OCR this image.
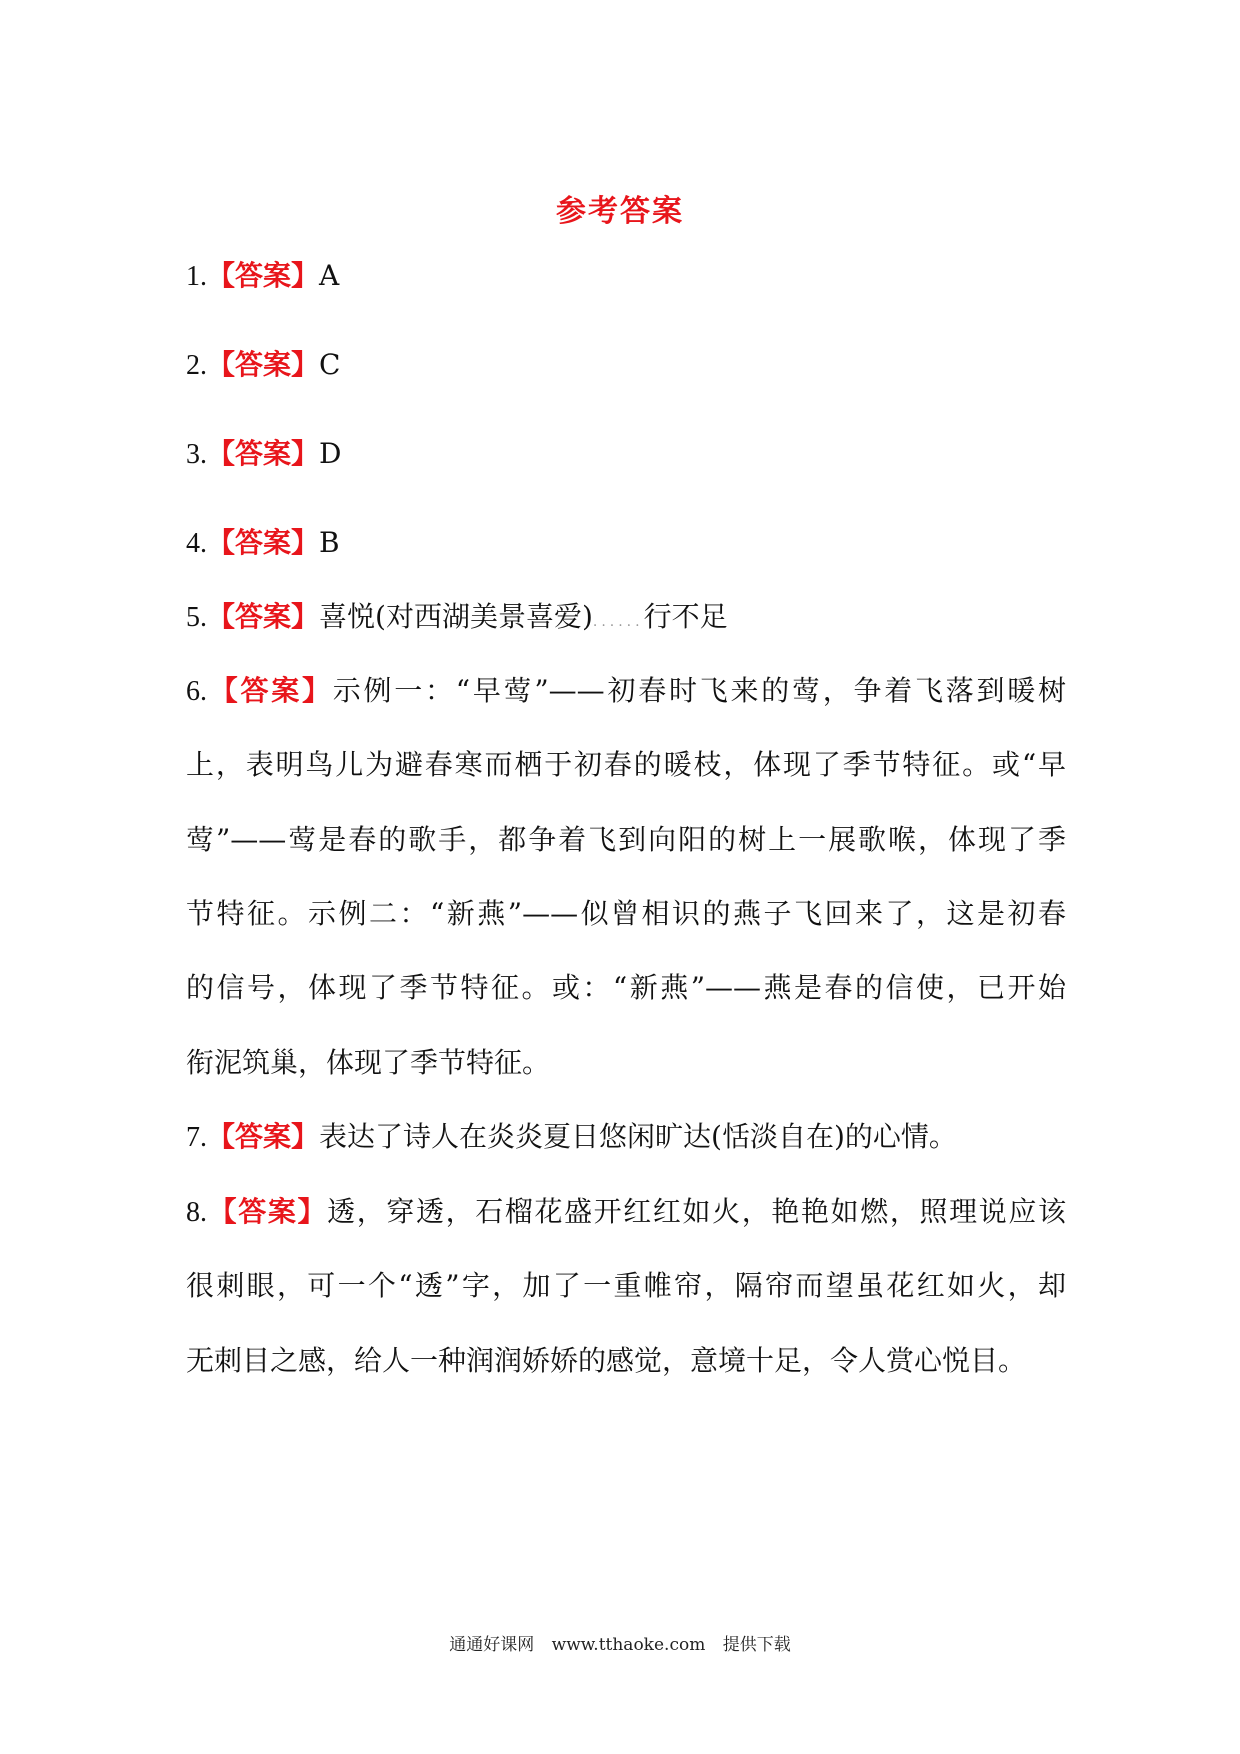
参考答案
1.【答案】A
2.【答案】C
3.【答案】D
4.【答案】B
5.【答案】喜悦(对西湖美景喜爱)......行不足
6.【答案】示例一：“早莺”——初春时飞来的莺，争着飞落到暖树
上，表明鸟儿为避春寒而栖于初春的暖枝，体现了季节特征。或“早
莺”——莺是春的歌手，都争着飞到向阳的树上一展歌喉，体现了季
节特征。示例二：“新燕”——似曾相识的燕子飞回来了，这是初春
的信号，体现了季节特征。或：“新燕”——燕是春的信使，已开始
衔泥筑巢，体现了季节特征。
7.【答案】表达了诗人在炎炎夏日悠闲旷达(恬淡自在)的心情。
8.【答案】透，穿透，石榴花盛开红红如火，艳艳如燃，照理说应该
很刺眼，可一个“透”字，加了一重帷帘，隔帘而望虽花红如火，却
无刺目之感，给人一种润润娇娇的感觉，意境十足，令人赏心悦目。
通通好课网 www.tthaoke.com 提供下载
